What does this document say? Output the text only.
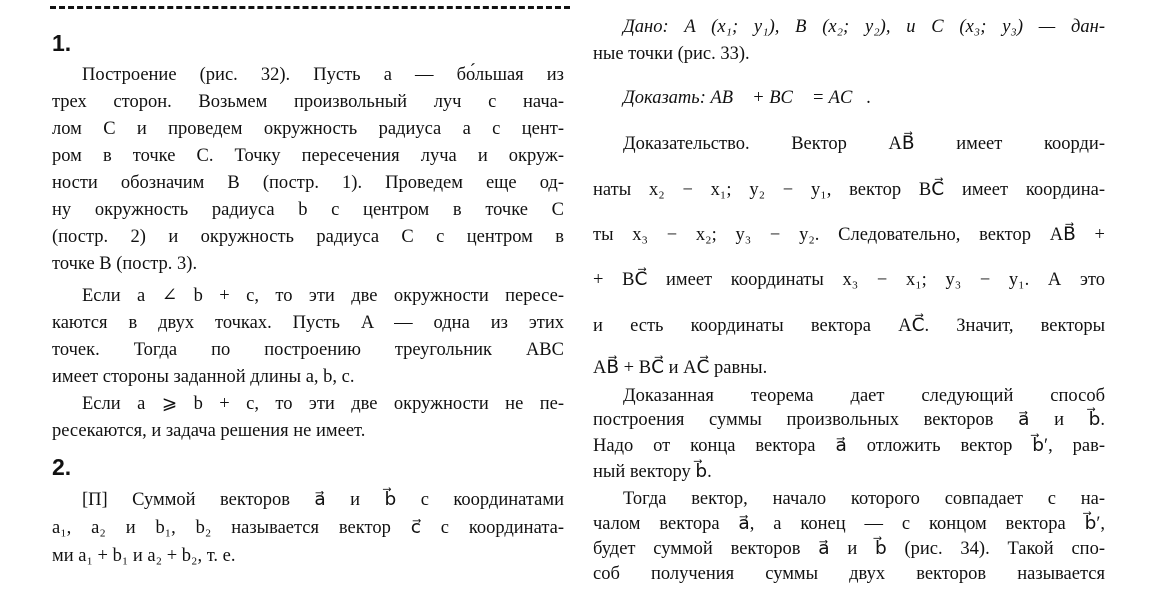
1.
Построение (рис. 32). Пусть a — бо́льшая из
трех сторон. Возьмем произвольный луч с нача-
лом C и проведем окружность радиуса a с цент-
ром в точке C. Точку пересечения луча и окруж-
ности обозначим B (постр. 1). Проведем еще од-
ну окружность радиуса b с центром в точке C
(постр. 2) и окружность радиуса C с центром в
точке B (постр. 3).
Если a ∠ b + c, то эти две окружности пересе-
каются в двух точках. Пусть A — одна из этих
точек. Тогда по построению треугольник ABC
имеет стороны заданной длины a, b, c.
Если a ⩾ b + c, то эти две окружности не пе-
ресекаются, и задача решения не имеет.
2.
[П] Суммой векторов a⃗ и b⃗ с координатами
a₁, a₂ и b₁, b₂ называется вектор c⃗ с координата-
ми a₁ + b₁ и a₂ + b₂, т. е.
Дано: A (x₁; y₁), B (x₂; y₂), и C (x₃; y₃) — дан-
ные точки (рис. 33).
Доказать: AB⃗ + BC⃗ = AC⃗.
Доказательство. Вектор AB⃗ имеет коорди-
наты x₂ − x₁; y₂ − y₁, вектор BC⃗ имеет координа-
ты x₃ − x₂; y₃ − y₂. Следовательно, вектор AB⃗ +
+ BC⃗ имеет координаты x₃ − x₁; y₃ − y₁. А это
и есть координаты вектора AC⃗. Значит, векторы
AB⃗ + BC⃗ и AC⃗ равны.
Доказанная теорема дает следующий способ
построения суммы произвольных векторов a⃗ и b⃗.
Надо от конца вектора a⃗ отложить вектор b⃗′, рав-
ный вектору b⃗.
Тогда вектор, начало которого совпадает с на-
чалом вектора a⃗, а конец — с концом вектора b⃗′,
будет суммой векторов a⃗ и b⃗ (рис. 34). Такой спо-
соб получения суммы двух векторов называется
